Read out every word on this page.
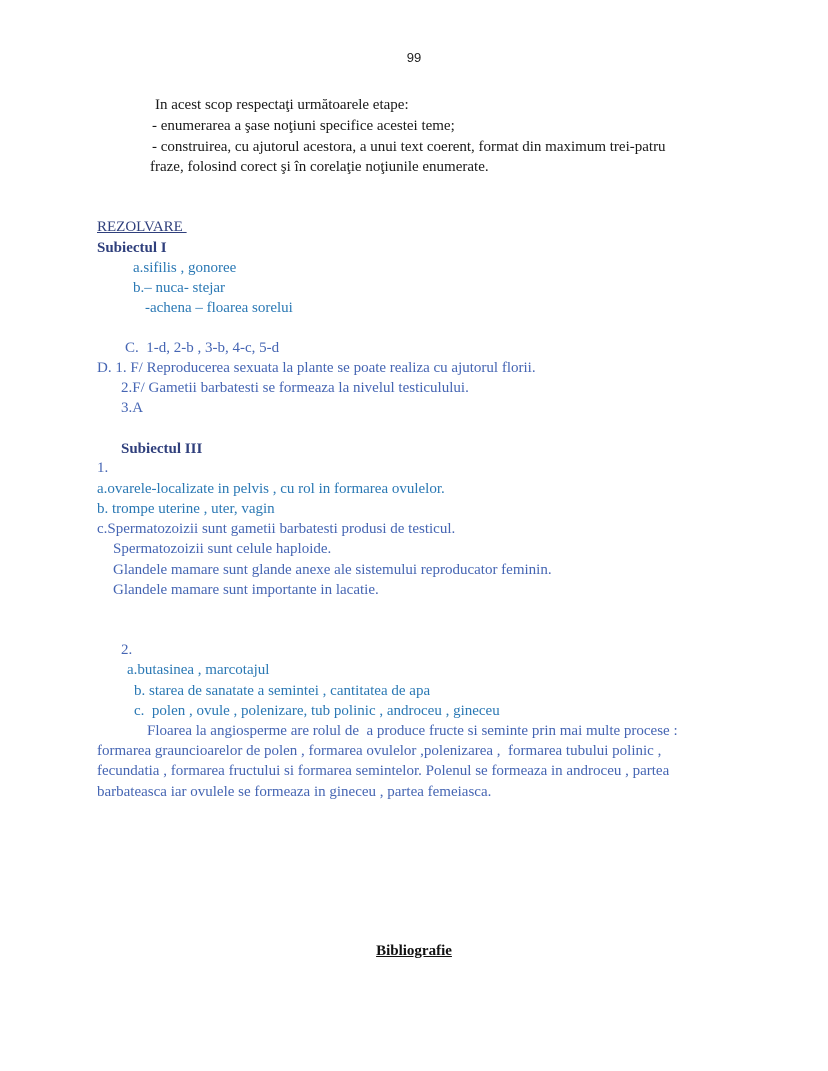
99
In acest scop respectaţi următoarele etape:
- enumerarea a şase noţiuni specifice acestei teme;
- construirea, cu ajutorul acestora, a unui text coerent, format din maximum trei-patru
fraze, folosind corect şi în corelaţie noţiunile enumerate.
REZOLVARE
Subiectul I
a.sifilis , gonoree
b.– nuca- stejar
-achena – floarea sorelui
C.  1-d, 2-b , 3-b, 4-c, 5-d
D. 1. F/ Reproducerea sexuata la plante se poate realiza cu ajutorul florii.
2.F/ Gametii barbatesti se formeaza la nivelul testiculului.
3.A
Subiectul III
1.
a.ovarele-localizate in pelvis , cu rol in formarea ovulelor.
b. trompe uterine , uter, vagin
c.Spermatozoizii sunt gametii barbatesti produsi de testicul.
Spermatozoizii sunt celule haploide.
Glandele mamare sunt glande anexe ale sistemului reproducator feminin.
Glandele mamare sunt importante in lacatie.
2.
a.butasinea , marcotajul
b. starea de sanatate a semintei , cantitatea de apa
c.  polen , ovule , polenizare, tub polinic , androceu , gineceu
Floarea la angiosperme are rolul de  a produce fructe si seminte prin mai multe procese :
formarea grauncioarelor de polen , formarea ovulelor ,polenizarea ,  formarea tubului polinic ,
fecundatia , formarea fructului si formarea semintelor. Polenul se formeaza in androceu , partea
barbateasca iar ovulele se formeaza in gineceu , partea femeiasca.
Bibliografie
